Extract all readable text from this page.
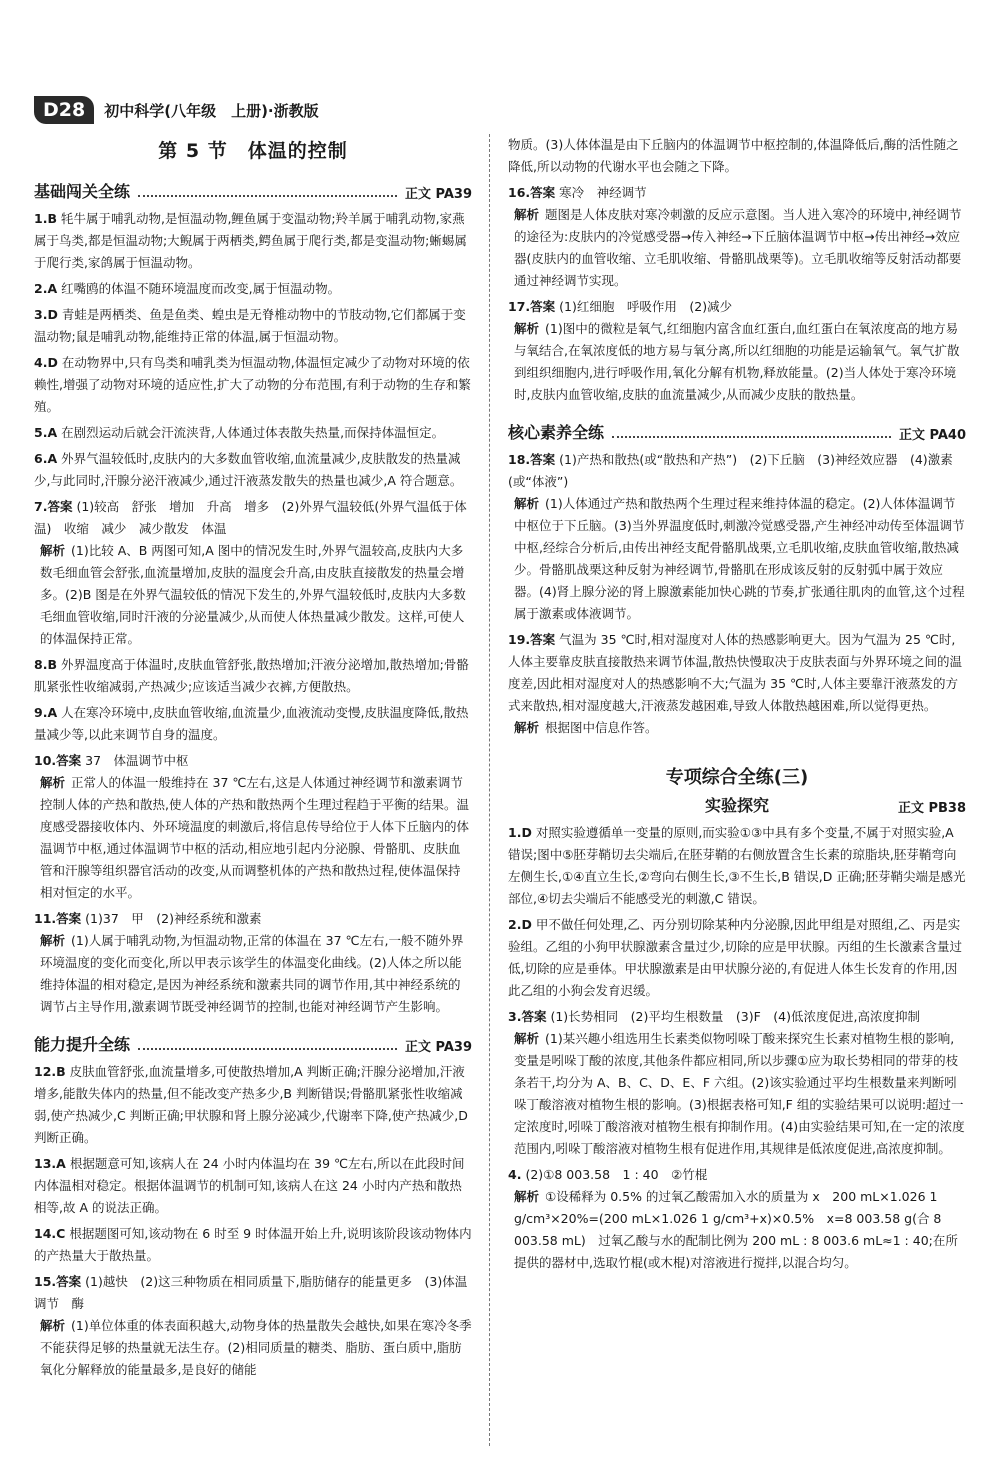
D28	初中科学(八年级　上册)·浙教版
第 5 节　体温的控制
基础闯关全练	正文 PA39
1.B 牦牛属于哺乳动物,是恒温动物,鲤鱼属于变温动物;羚羊属于哺乳动物,家燕属于鸟类,都是恒温动物;大鲵属于两栖类,鳄鱼属于爬行类,都是变温动物;蜥蜴属于爬行类,家鸽属于恒温动物。
2.A 红嘴鸥的体温不随环境温度而改变,属于恒温动物。
3.D 青蛙是两栖类、鱼是鱼类、蝗虫是无脊椎动物中的节肢动物,它们都属于变温动物;鼠是哺乳动物,能维持正常的体温,属于恒温动物。
4.D 在动物界中,只有鸟类和哺乳类为恒温动物,体温恒定减少了动物对环境的依赖性,增强了动物对环境的适应性,扩大了动物的分布范围,有利于动物的生存和繁殖。
5.A 在剧烈运动后就会汗流浃背,人体通过体表散失热量,而保持体温恒定。
6.A 外界气温较低时,皮肤内的大多数血管收缩,血流量减少,皮肤散发的热量减少,与此同时,汗腺分泌汗液减少,通过汗液蒸发散失的热量也减少,A 符合题意。
7.答案 (1)较高　舒张　增加　升高　增多　(2)外界气温较低(外界气温低于体温)　收缩　减少　减少散发　体温
解析 (1)比较 A、B 两图可知,A 图中的情况发生时,外界气温较高,皮肤内大多数毛细血管会舒张,血流量增加,皮肤的温度会升高,由皮肤直接散发的热量会增多。(2)B 图是在外界气温较低的情况下发生的,外界气温较低时,皮肤内大多数毛细血管收缩,同时汗液的分泌量减少,从而使人体热量减少散发。这样,可使人的体温保持正常。
8.B 外界温度高于体温时,皮肤血管舒张,散热增加;汗液分泌增加,散热增加;骨骼肌紧张性收缩减弱,产热减少;应该适当减少衣裤,方便散热。
9.A 人在寒冷环境中,皮肤血管收缩,血流量少,血液流动变慢,皮肤温度降低,散热量减少等,以此来调节自身的温度。
10.答案 37　体温调节中枢
解析 正常人的体温一般维持在 37 ℃左右,这是人体通过神经调节和激素调节控制人体的产热和散热,使人体的产热和散热两个生理过程趋于平衡的结果。温度感受器接收体内、外环境温度的刺激后,将信息传导给位于人体下丘脑内的体温调节中枢,通过体温调节中枢的活动,相应地引起内分泌腺、骨骼肌、皮肤血管和汗腺等组织器官活动的改变,从而调整机体的产热和散热过程,使体温保持相对恒定的水平。
11.答案 (1)37　甲　(2)神经系统和激素
解析 (1)人属于哺乳动物,为恒温动物,正常的体温在 37 ℃左右,一般不随外界环境温度的变化而变化,所以甲表示该学生的体温变化曲线。(2)人体之所以能维持体温的相对稳定,是因为神经系统和激素共同的调节作用,其中神经系统的调节占主导作用,激素调节既受神经调节的控制,也能对神经调节产生影响。
能力提升全练	正文 PA39
12.B 皮肤血管舒张,血流量增多,可使散热增加,A 判断正确;汗腺分泌增加,汗液增多,能散失体内的热量,但不能改变产热多少,B 判断错误;骨骼肌紧张性收缩减弱,使产热减少,C 判断正确;甲状腺和肾上腺分泌减少,代谢率下降,使产热减少,D 判断正确。
13.A 根据题意可知,该病人在 24 小时内体温均在 39 ℃左右,所以在此段时间内体温相对稳定。根据体温调节的机制可知,该病人在这 24 小时内产热和散热相等,故 A 的说法正确。
14.C 根据题图可知,该动物在 6 时至 9 时体温开始上升,说明该阶段该动物体内的产热量大于散热量。
15.答案 (1)越快　(2)这三种物质在相同质量下,脂肪储存的能量更多　(3)体温调节　酶
解析 (1)单位体重的体表面积越大,动物身体的热量散失会越快,如果在寒冷冬季不能获得足够的热量就无法生存。(2)相同质量的糖类、脂肪、蛋白质中,脂肪氧化分解释放的能量最多,是良好的储能
物质。(3)人体体温是由下丘脑内的体温调节中枢控制的,体温降低后,酶的活性随之降低,所以动物的代谢水平也会随之下降。
16.答案 寒冷　神经调节
解析 题图是人体皮肤对寒冷刺激的反应示意图。当人进入寒冷的环境中,神经调节的途径为:皮肤内的冷觉感受器→传入神经→下丘脑体温调节中枢→传出神经→效应器(皮肤内的血管收缩、立毛肌收缩、骨骼肌战栗等)。立毛肌收缩等反射活动都要通过神经调节实现。
17.答案 (1)红细胞　呼吸作用　(2)减少
解析 (1)图中的微粒是氧气,红细胞内富含血红蛋白,血红蛋白在氧浓度高的地方易与氧结合,在氧浓度低的地方易与氧分离,所以红细胞的功能是运输氧气。氧气扩散到组织细胞内,进行呼吸作用,氧化分解有机物,释放能量。(2)当人体处于寒冷环境时,皮肤内血管收缩,皮肤的血流量减少,从而减少皮肤的散热量。
核心素养全练	正文 PA40
18.答案 (1)产热和散热(或“散热和产热”)　(2)下丘脑　(3)神经效应器　(4)激素(或“体液”)
解析 (1)人体通过产热和散热两个生理过程来维持体温的稳定。(2)人体体温调节中枢位于下丘脑。(3)当外界温度低时,刺激冷觉感受器,产生神经冲动传至体温调节中枢,经综合分析后,由传出神经支配骨骼肌战栗,立毛肌收缩,皮肤血管收缩,散热减少。骨骼肌战栗这种反射为神经调节,骨骼肌在形成该反射的反射弧中属于效应器。(4)肾上腺分泌的肾上腺激素能加快心跳的节奏,扩张通往肌肉的血管,这个过程属于激素或体液调节。
19.答案 气温为 35 ℃时,相对湿度对人体的热感影响更大。因为气温为 25 ℃时,人体主要靠皮肤直接散热来调节体温,散热快慢取决于皮肤表面与外界环境之间的温度差,因此相对湿度对人的热感影响不大;气温为 35 ℃时,人体主要靠汗液蒸发的方式来散热,相对湿度越大,汗液蒸发越困难,导致人体散热越困难,所以觉得更热。
解析 根据图中信息作答。
专项综合全练(三)
实验探究	正文 PB38
1.D 对照实验遵循单一变量的原则,而实验①③中具有多个变量,不属于对照实验,A 错误;图中⑤胚芽鞘切去尖端后,在胚芽鞘的右侧放置含生长素的琼脂块,胚芽鞘弯向左侧生长,①④直立生长,②弯向右侧生长,③不生长,B 错误,D 正确;胚芽鞘尖端是感光部位,④切去尖端后不能感受光的刺激,C 错误。
2.D 甲不做任何处理,乙、丙分别切除某种内分泌腺,因此甲组是对照组,乙、丙是实验组。乙组的小狗甲状腺激素含量过少,切除的应是甲状腺。丙组的生长激素含量过低,切除的应是垂体。甲状腺激素是由甲状腺分泌的,有促进人体生长发育的作用,因此乙组的小狗会发育迟缓。
3.答案 (1)长势相同　(2)平均生根数量　(3)F　(4)低浓度促进,高浓度抑制
解析 (1)某兴趣小组选用生长素类似物吲哚丁酸来探究生长素对植物生根的影响,变量是吲哚丁酸的浓度,其他条件都应相同,所以步骤①应为取长势相同的带芽的枝条若干,均分为 A、B、C、D、E、F 六组。(2)该实验通过平均生根数量来判断吲哚丁酸溶液对植物生根的影响。(3)根据表格可知,F 组的实验结果可以说明:超过一定浓度时,吲哚丁酸溶液对植物生根有抑制作用。(4)由实验结果可知,在一定的浓度范围内,吲哚丁酸溶液对植物生根有促进作用,其规律是低浓度促进,高浓度抑制。
4. (2)①8 003.58　1 : 40　②竹棍
解析 ①设稀释为 0.5% 的过氧乙酸需加入水的质量为 x　200 mL×1.026 1 g/cm³×20%=(200 mL×1.026 1 g/cm³+x)×0.5%　x=8 003.58 g(合 8 003.58 mL)　过氧乙酸与水的配制比例为 200 mL : 8 003.6 mL≈1 : 40;在所提供的器材中,选取竹棍(或木棍)对溶液进行搅拌,以混合均匀。
